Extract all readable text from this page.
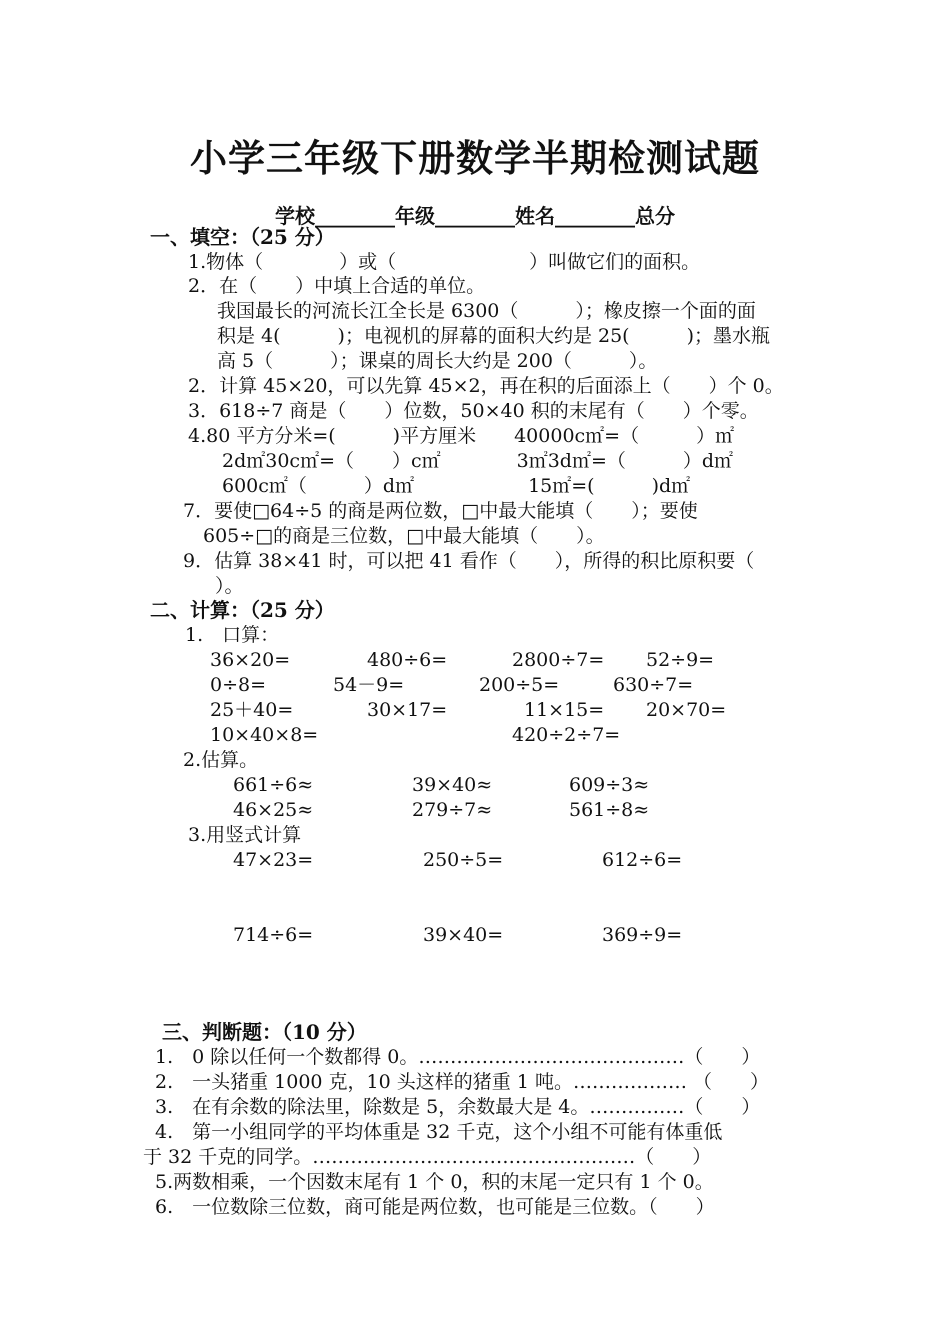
小学三年级下册数学半期检测试题
学校________年级________姓名________总分
一、填空：（25 分）
1.物体（　　　　）或（　　　　　　　）叫做它们的面积。
2．在（　　）中填上合适的单位。
我国最长的河流长江全长是 6300（　　　）；橡皮擦一个面的面
积是 4(　　　)；电视机的屏幕的面积大约是 25(　　　)；墨水瓶
高 5（　　　）；课桌的周长大约是 200（　　　）。
2．计算 45×20，可以先算 45×2，再在积的后面添上（　　）个 0。
3．618÷7 商是（　　）位数，50×40 积的末尾有（　　）个零。
4.80 平方分米=(　　　)平方厘米　　40000c㎡=（　　　）㎡
2d㎡30c㎡=（　　）c㎡　　　　3㎡3d㎡=（　　　）d㎡
600c㎡（　　　）d㎡　　　　　　15㎡=(　　　)d㎡
7．要使□64÷5 的商是两位数，□中最大能填（　　）；要使
605÷□的商是三位数，□中最大能填（　　）。
9．估算 38×41 时，可以把 41 看作（　　），所得的积比原积要（
）。
二、计算：（25 分）
1.　口算：
36×20=	480÷6=	2800÷7= 52÷9=
0÷8=	54－9=	200÷5=	630÷7=
25＋40=	30×17=	11×15= 20×70=
10×40×8=	420÷2÷7=
2.估算。
661÷6≈	39×40≈	609÷3≈
46×25≈	279÷7≈	561÷8≈
3.用竖式计算
47×23=	250÷5=	612÷6=
714÷6=	39×40=	369÷9=
三、判断题：（10 分）
1.　0 除以任何一个数都得 0。……………………………………（　　）
2.　一头猪重 1000 克，10 头这样的猪重 1 吨。……………… （　　）
3.　在有余数的除法里，除数是 5，余数最大是 4。……………（　　）
4.　第一小组同学的平均体重是 32 千克，这个小组不可能有体重低
于 32 千克的同学。……………………………………………（　　）
5.两数相乘，一个因数末尾有 1 个 0，积的末尾一定只有 1 个 0。
6.　一位数除三位数，商可能是两位数，也可能是三位数。（　　）
